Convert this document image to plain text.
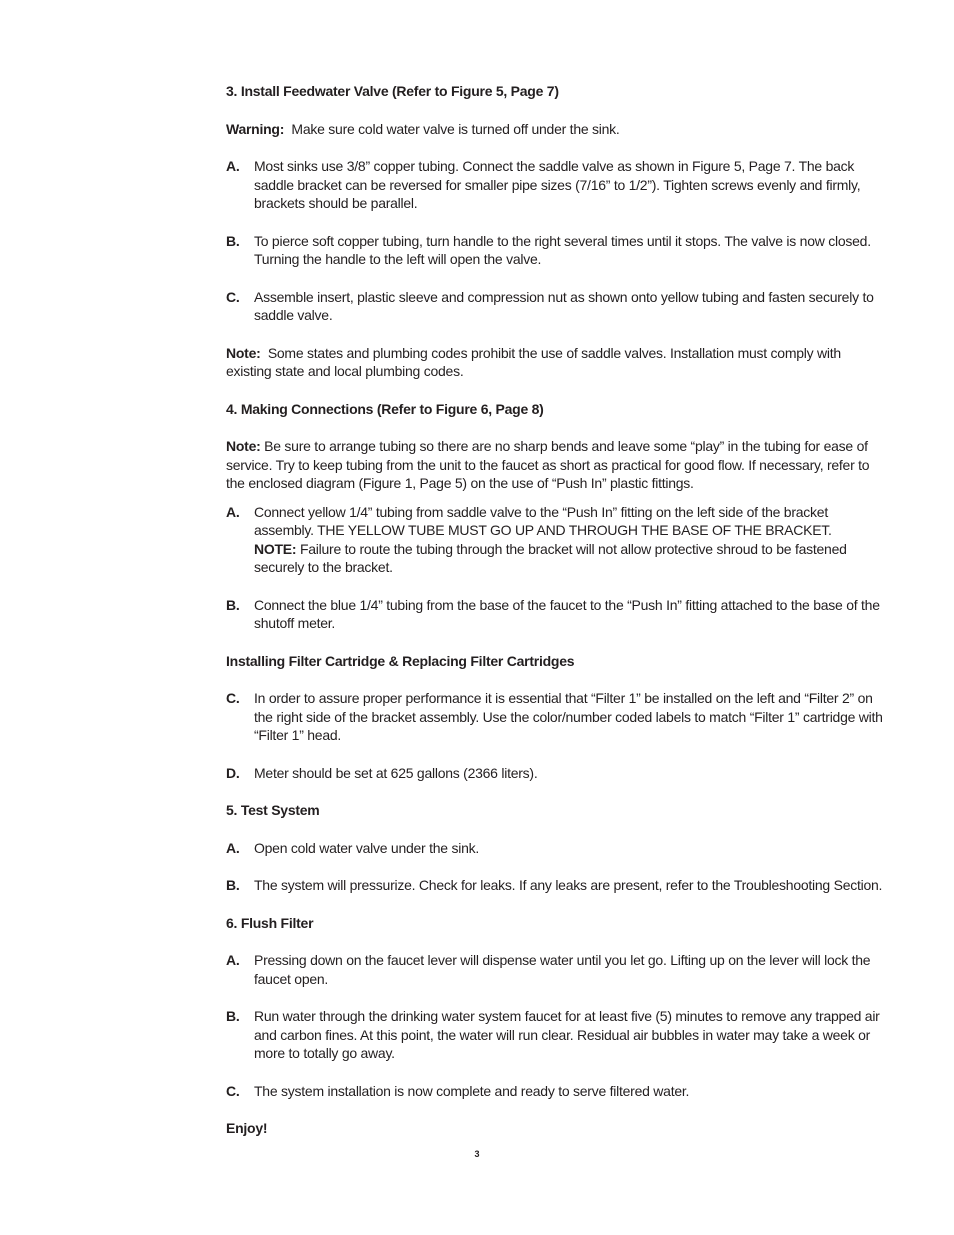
3. Install Feedwater Valve (Refer to Figure 5, Page 7)

Warning: Make sure cold water valve is turned off under the sink.

A.	Most sinks use 3/8” copper tubing. Connect the saddle valve as shown in Figure 5, Page 7. The back saddle bracket can be reversed for smaller pipe sizes (7/16” to 1/2”). Tighten screws evenly and firmly, brackets should be parallel.
B.	To pierce soft copper tubing, turn handle to the right several times until it stops. The valve is now closed. Turning the handle to the left will open the valve.
C.	Assemble insert, plastic sleeve and compression nut as shown onto yellow tubing and fasten securely to saddle valve.

Note: Some states and plumbing codes prohibit the use of saddle valves. Installation must comply with existing state and local plumbing codes.

4. Making Connections (Refer to Figure 6, Page 8)

Note: Be sure to arrange tubing so there are no sharp bends and leave some “play” in the tubing for ease of service. Try to keep tubing from the unit to the faucet as short as practical for good flow. If necessary, refer to the enclosed diagram (Figure 1, Page 5) on the use of “Push In” plastic fittings.

A.	Connect yellow 1/4” tubing from saddle valve to the “Push In” fitting on the left side of the bracket assembly. THE YELLOW TUBE MUST GO UP AND THROUGH THE BASE OF THE BRACKET.
NOTE: Failure to route the tubing through the bracket will not allow protective shroud to be fastened securely to the bracket.
B.	Connect the blue 1/4” tubing from the base of the faucet to the “Push In” fitting attached to the base of the shutoff meter.

Installing Filter Cartridge & Replacing Filter Cartridges

C.	In order to assure proper performance it is essential that “Filter 1” be installed on the left and “Filter 2” on the right side of the bracket assembly. Use the color/number coded labels to match “Filter 1” cartridge with “Filter 1” head.
D.	Meter should be set at 625 gallons (2366 liters).

5. Test System

A.	Open cold water valve under the sink.
B.	The system will pressurize. Check for leaks. If any leaks are present, refer to the Troubleshooting Section.

6. Flush Filter

A.	Pressing down on the faucet lever will dispense water until you let go. Lifting up on the lever will lock the faucet open.
B.	Run water through the drinking water system faucet for at least five (5) minutes to remove any trapped air and carbon fines. At this point, the water will run clear. Residual air bubbles in water may take a week or more to totally go away.
C.	The system installation is now complete and ready to serve filtered water.

Enjoy!

3
